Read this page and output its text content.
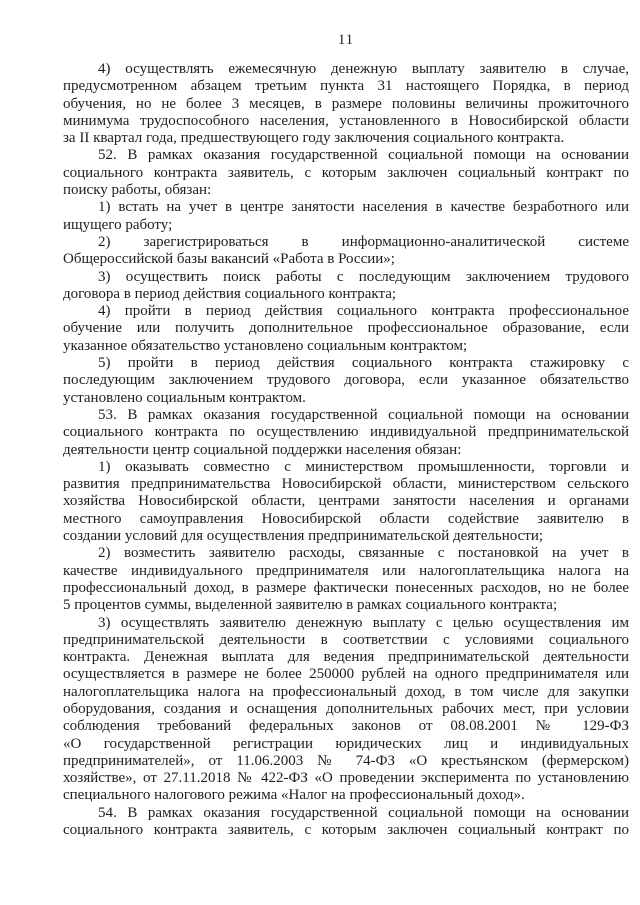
11

4) осуществлять ежемесячную денежную выплату заявителю в случае,
предусмотренном абзацем третьим пункта 31 настоящего Порядка, в период
обучения, но не более 3 месяцев, в размере половины величины прожиточного
минимума трудоспособного населения, установленного в Новосибирской области
за II квартал года, предшествующего году заключения социального контракта.

52. В рамках оказания государственной социальной помощи на основании
социального контракта заявитель, с которым заключен социальный контракт по
поиску работы, обязан:

1) встать на учет в центре занятости населения в качестве безработного или
ищущего работу;

2) зарегистрироваться в информационно-аналитической системе
Общероссийской базы вакансий «Работа в России»;

3) осуществить поиск работы с последующим заключением трудового
договора в период действия социального контракта;

4) пройти в период действия социального контракта профессиональное
обучение или получить дополнительное профессиональное образование, если
указанное обязательство установлено социальным контрактом;

5) пройти в период действия социального контракта стажировку с
последующим заключением трудового договора, если указанное обязательство
установлено социальным контрактом.

53. В рамках оказания государственной социальной помощи на основании
социального контракта по осуществлению индивидуальной предпринимательской
деятельности центр социальной поддержки населения обязан:

1) оказывать совместно с министерством промышленности, торговли и
развития предпринимательства Новосибирской области, министерством сельского
хозяйства Новосибирской области, центрами занятости населения и органами
местного самоуправления Новосибирской области содействие заявителю в
создании условий для осуществления предпринимательской деятельности;

2) возместить заявителю расходы, связанные с постановкой на учет в
качестве индивидуального предпринимателя или налогоплательщика налога на
профессиональный доход, в размере фактически понесенных расходов, но не более
5 процентов суммы, выделенной заявителю в рамках социального контракта;

3) осуществлять заявителю денежную выплату с целью осуществления им
предпринимательской деятельности в соответствии с условиями социального
контракта. Денежная выплата для ведения предпринимательской деятельности
осуществляется в размере не более 250000 рублей на одного предпринимателя или
налогоплательщика налога на профессиональный доход, в том числе для закупки
оборудования, создания и оснащения дополнительных рабочих мест, при условии
соблюдения требований федеральных законов от 08.08.2001 № 129-ФЗ
«О государственной регистрации юридических лиц и индивидуальных
предпринимателей», от 11.06.2003 № 74-ФЗ «О крестьянском (фермерском)
хозяйстве», от 27.11.2018 № 422-ФЗ «О проведении эксперимента по установлению
специального налогового режима «Налог на профессиональный доход».

54. В рамках оказания государственной социальной помощи на основании
социального контракта заявитель, с которым заключен социальный контракт по
